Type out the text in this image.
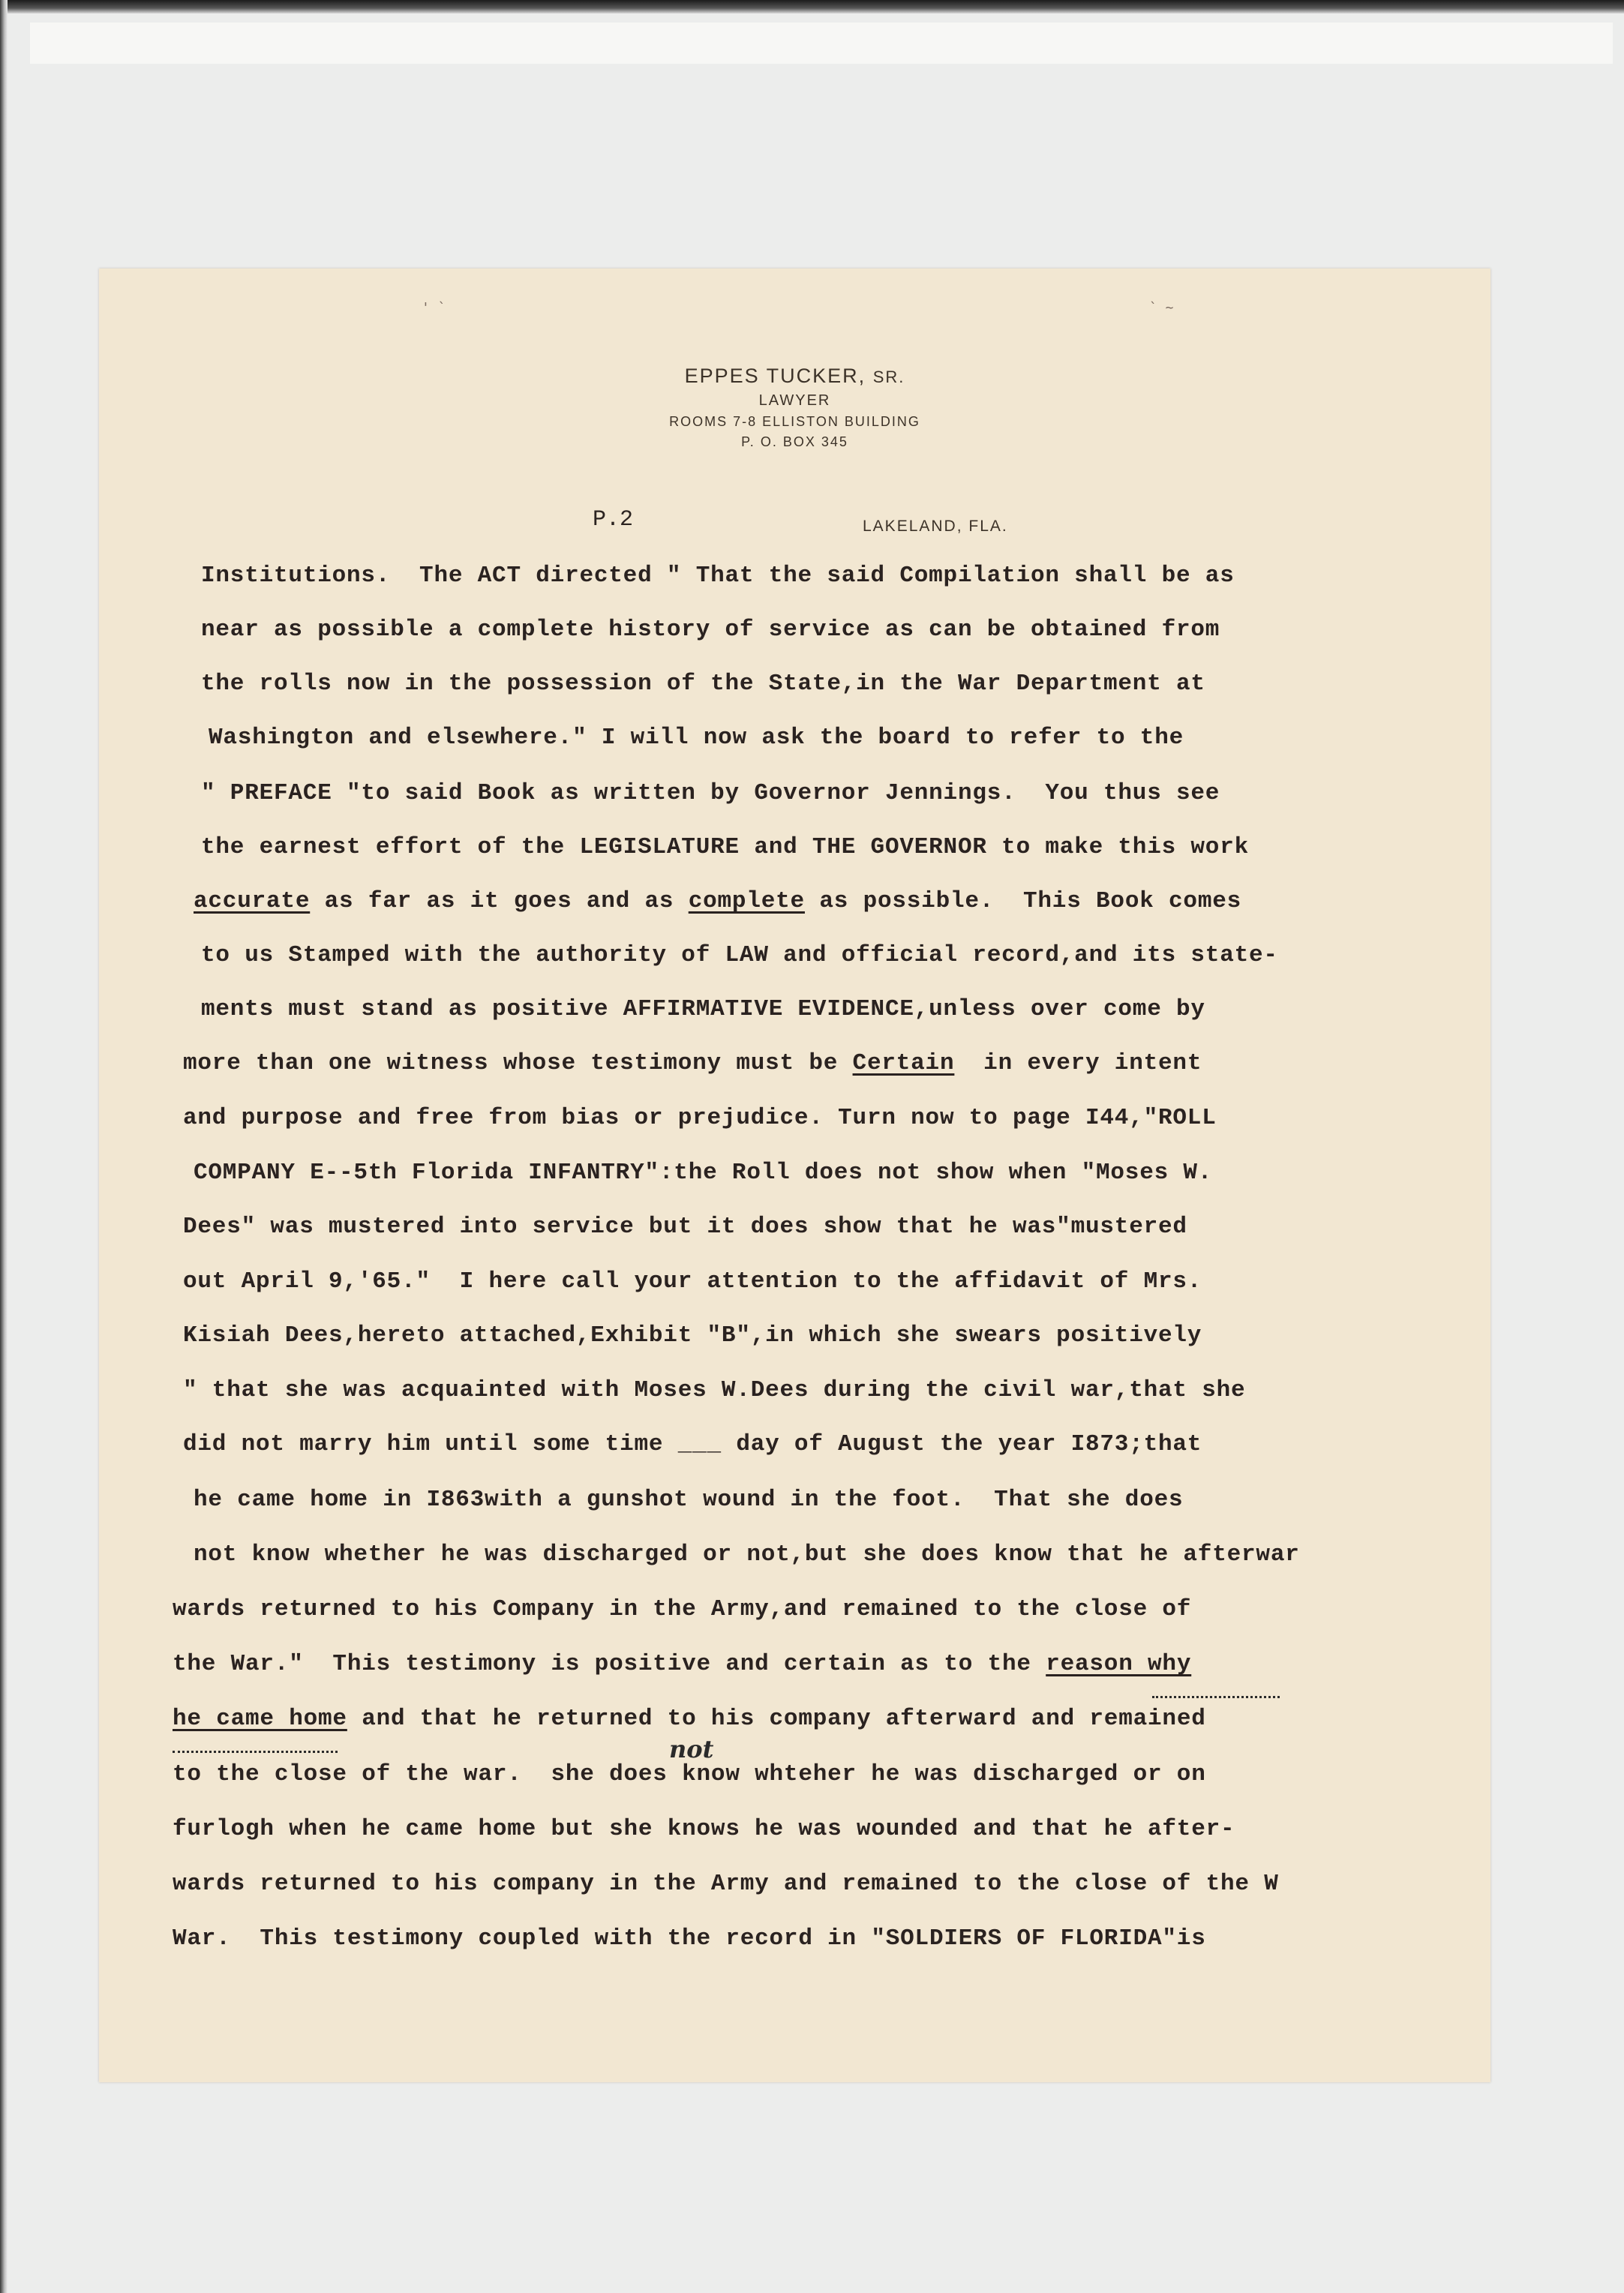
' `	` ~

EPPES TUCKER, SR.

LAWYER

ROOMS 7-8 ELLISTON BUILDING

P. O. BOX 345

P.2	LAKELAND, FLA.
Institutions.  The ACT directed " That the said Compilation shall be as
near as possible a complete history of service as can be obtained from
the rolls now in the possession of the State,in the War Department at
Washington and elsewhere." I will now ask the board to refer to the
" PREFACE "to said Book as written by Governor Jennings.  You thus see
the earnest effort of the LEGISLATURE and THE GOVERNOR to make this work
accurate as far as it goes and as complete as possible.  This Book comes
to us Stamped with the authority of LAW and official record,and its state-
ments must stand as positive AFFIRMATIVE EVIDENCE,unless over come by
more than one witness whose testimony must be Certain  in every intent
and purpose and free from bias or prejudice. Turn now to page I44,"ROLL
COMPANY E--5th Florida INFANTRY":the Roll does not show when "Moses W.
Dees" was mustered into service but it does show that he was"mustered
out April 9,'65."  I here call your attention to the affidavit of Mrs.
Kisiah Dees,hereto attached,Exhibit "B",in which she swears positively
" that she was acquainted with Moses W.Dees during the civil war,that she
did not marry him until some time ___ day of August the year I873;that
he came home in I863with a gunshot wound in the foot.  That she does
not know whether he was discharged or not,but she does know that he afterwar
wards returned to his Company in the Army,and remained to the close of
the War."  This testimony is positive and certain as to the reason why
he came home and that he returned to his company afterward and remained
not
to the close of the war.  she does know whteher he was discharged or on
furlogh when he came home but she knows he was wounded and that he after-
wards returned to his company in the Army and remained to the close of the W
War.  This testimony coupled with the record in "SOLDIERS OF FLORIDA"is
